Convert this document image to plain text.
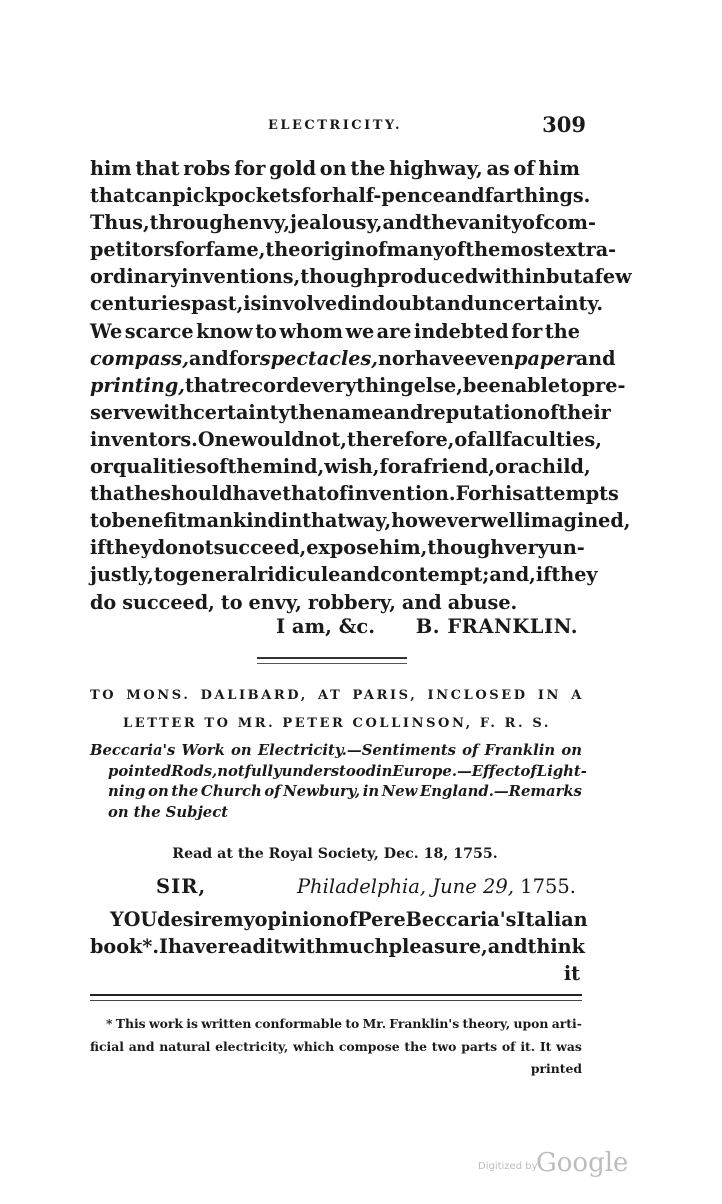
ELECTRICITY.	309
him that robs for gold on the highway, as of him
that can pick pockets for half-pence and farthings.
Thus, through envy, jealousy, and the vanity of com-
petitors for fame, the origin of many of the most extra-
ordinary inventions, though produced within but a few
centuries past, is involved in doubt and uncertainty.
We scarce know to whom we are indebted for the
compass, and for spectacles, nor have even paper and
printing, that record every thing else, been able to pre-
serve with certainty the name and reputation of their
inventors. One would not, therefore, of all faculties,
or qualities of the mind, wish, for a friend, or a child,
that he should have that of invention. For his attempts
to benefit mankind in that way, however well imagined,
if they do not succeed, expose him, though very un-
justly, to general ridicule and contempt; and, if they
do succeed, to envy, robbery, and abuse.
I am, &c. B. FRANKLIN.
TO MONS. DALIBARD, AT PARIS, INCLOSED IN A
LETTER TO MR. PETER COLLINSON, F. R. S.
Beccaria's Work on Electricity.—Sentiments of Franklin on
pointed Rods, not fully understood in Europe.—Effect of Light-
ning on the Church of Newbury, in New England.—Remarks
on the Subject
Read at the Royal Society, Dec. 18, 1755.
SIR,	Philadelphia, June 29, 1755.
YOU desire my opinion of Pere Beccaria's Italian
book*. I have read it with much pleasure, and think
it
* This work is written conformable to Mr. Franklin's theory, upon arti-
ficial and natural electricity, which compose the two parts of it. It was
printed
Digitized by
Google
